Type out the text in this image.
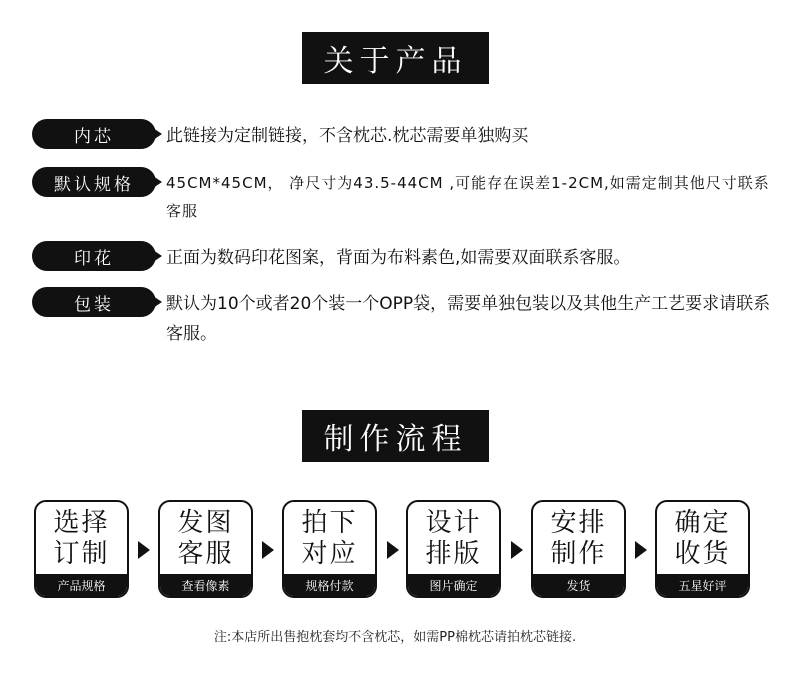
关于产品
内芯	此链接为定制链接，不含枕芯.枕芯需要单独购买
默认规格	45CM*45CM， 净尺寸为43.5-44CM ,可能存在误差1-2CM,如需定制其他尺寸联系客服
印花	正面为数码印花图案，背面为布料素色,如需要双面联系客服。
包装	默认为10个或者20个装一个OPP袋，需要单独包装以及其他生产工艺要求请联系客服。
制作流程
选择
订制
产品规格
发图
客服
查看像素
拍下
对应
规格付款
设计
排版
图片确定
安排
制作
发货
确定
收货
五星好评
注:本店所出售抱枕套均不含枕芯，如需PP棉枕芯请拍枕芯链接.
